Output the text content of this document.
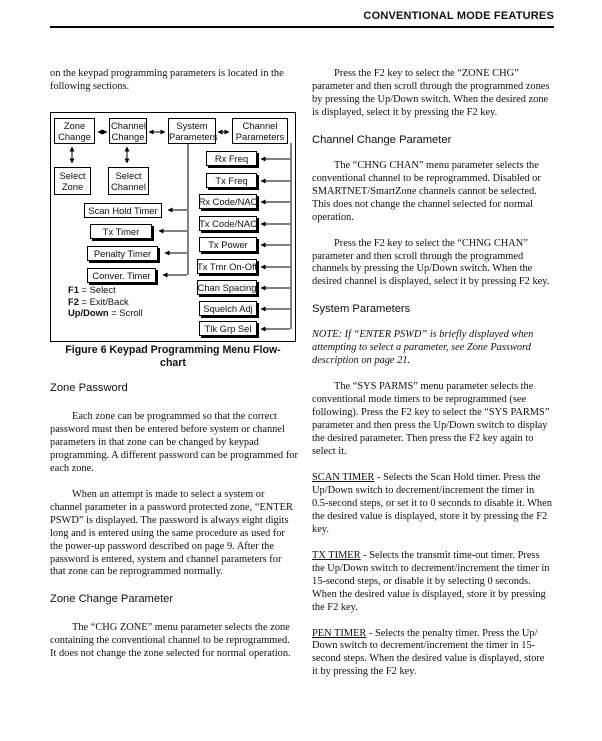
CONVENTIONAL MODE FEATURES

on the keypad programming parameters is located in the following sections.

Zone Change
Channel Change
System Parameters
Channel Parameters
Select Zone
Select Channel
Scan Hold Timer
Tx Timer
Penalty Timer
Conver. Timer
Rx Freq
Tx Freq
Rx Code/NAC
Tx Code/NAC
Tx Power
Tx Tmr On-Off
Chan Spacing
Squelch Adj
Tlk Grp Sel
F1 = Select
F2 = Exit/Back
Up/Down = Scroll
Figure 6 Keypad Programming Menu Flow-
chart

Zone Password

Each zone can be programmed so that the correct password must then be entered before system or channel parameters in that zone can be changed by keypad programming. A different password can be programmed for each zone.

When an attempt is made to select a system or channel parameter in a password protected zone, “ENTER PSWD” is displayed. The password is always eight digits long and is entered using the same procedure as used for the power-up password described on page 9. After the password is entered, system and channel parameters for that zone can be reprogrammed normally.

Zone Change Parameter

The “CHG ZONE” menu parameter selects the zone containing the conventional channel to be reprogrammed. It does not change the zone selected for normal operation.

Press the F2 key to select the “ZONE CHG” parameter and then scroll through the programmed zones by pressing the Up/Down switch. When the desired zone is displayed, select it by pressing the F2 key.

Channel Change Parameter

The “CHNG CHAN” menu parameter selects the conventional channel to be reprogrammed. Disabled or SMARTNET/SmartZone channels cannot be selected. This does not change the channel selected for normal operation.

Press the F2 key to select the “CHNG CHAN” parameter and then scroll through the programmed channels by pressing the Up/Down switch. When the desired channel is displayed, select it by pressing F2 key.

System Parameters

NOTE: If “ENTER PSWD” is briefly displayed when attempting to select a parameter, see Zone Password description on page 21.

The “SYS PARMS” menu parameter selects the conventional mode timers to be reprogrammed (see following). Press the F2 key to select the “SYS PARMS” parameter and then press the Up/Down switch to display the desired parameter. Then press the F2 key again to select it.

SCAN TIMER - Selects the Scan Hold timer. Press the Up/Down switch to decrement/increment the timer in 0.5-second steps, or set it to 0 seconds to disable it. When the desired value is displayed, store it by pressing the F2 key.

TX TIMER - Selects the transmit time-out timer. Press the Up/Down switch to decrement/increment the timer in 15-second steps, or disable it by selecting 0 seconds. When the desired value is displayed, store it by pressing the F2 key.

PEN TIMER - Selects the penalty timer. Press the Up/ Down switch to decrement/increment the timer in 15-second steps. When the desired value is displayed, store it by pressing the F2 key.
